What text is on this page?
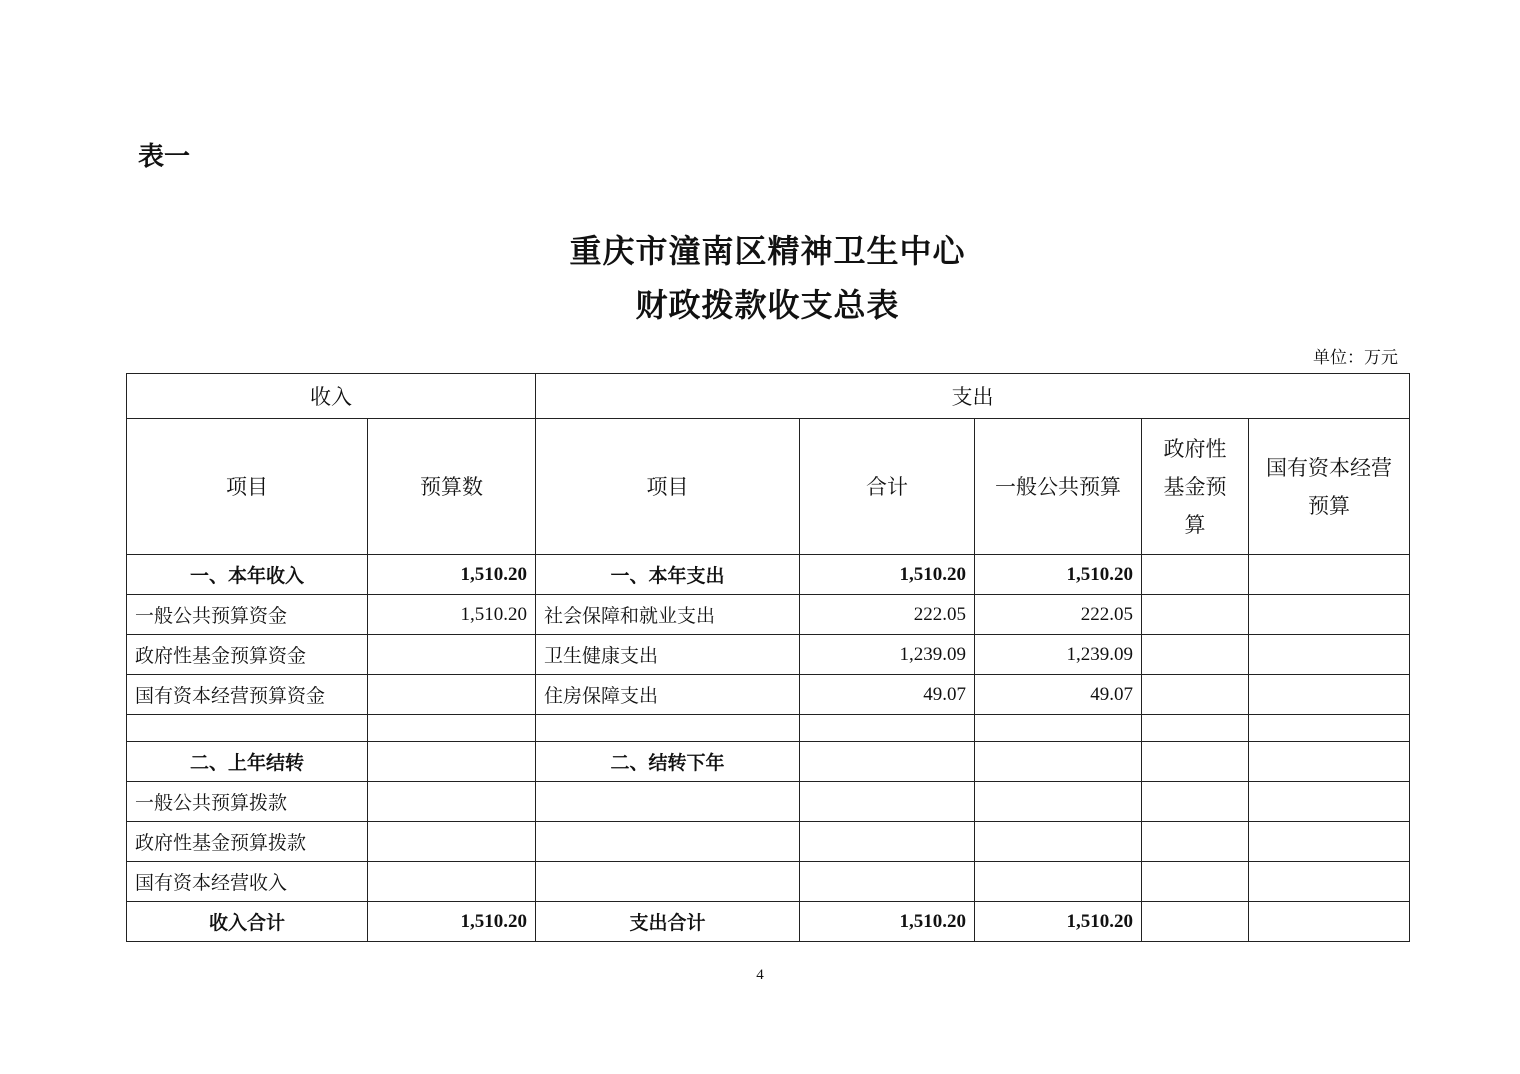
表一
重庆市潼南区精神卫生中心
财政拨款收支总表
单位：万元
收入		支出				
项目	预算数	项目	合计	一般公共预算	政府性基金预算	国有资本经营预算
一、本年收入	1,510.20	一、本年支出	1,510.20	1,510.20		
一般公共预算资金	1,510.20	社会保障和就业支出	222.05	222.05		
政府性基金预算资金		卫生健康支出	1,239.09	1,239.09		
国有资本经营预算资金		住房保障支出	49.07	49.07		

二、上年结转		二、结转下年				
一般公共预算拨款						
政府性基金预算拨款						
国有资本经营收入						
收入合计	1,510.20	支出合计	1,510.20	1,510.20		
4
